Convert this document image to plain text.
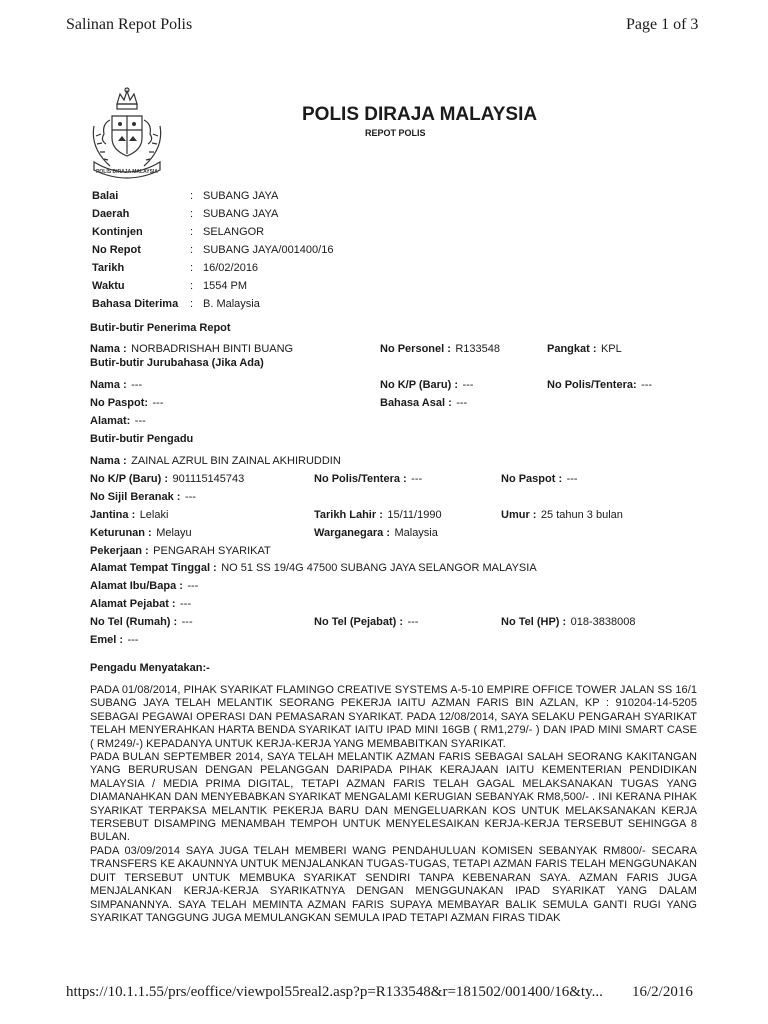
Salinan Repot Polis	Page 1 of 3
POLIS DIRAJA MALAYSIA
POLIS DIRAJA MALAYSIA
REPOT POLIS
Balai	: SUBANG JAYA
Daerah	: SUBANG JAYA
Kontinjen	: SELANGOR
No Repot	: SUBANG JAYA/001400/16
Tarikh	: 16/02/2016
Waktu	: 1554 PM
Bahasa Diterima : B. Malaysia
Butir-butir Penerima Repot
Nama : NORBADRISHAH BINTI BUANG	No Personel : R133548	Pangkat : KPL
Butir-butir Jurubahasa (Jika Ada)
Nama : ---	No K/P (Baru) : ---	No Polis/Tentera: ---
No Paspot: ---	Bahasa Asal : ---
Alamat: ---
Butir-butir Pengadu
Nama : ZAINAL AZRUL BIN ZAINAL AKHIRUDDIN
No K/P (Baru) : 901115145743	No Polis/Tentera : ---	No Paspot : ---
No Sijil Beranak : ---
Jantina : Lelaki	Tarikh Lahir : 15/11/1990	Umur : 25 tahun 3 bulan
Keturunan : Melayu	Warganegara : Malaysia
Pekerjaan : PENGARAH SYARIKAT
Alamat Tempat Tinggal : NO 51 SS 19/4G 47500 SUBANG JAYA SELANGOR MALAYSIA
Alamat Ibu/Bapa : ---
Alamat Pejabat : ---
No Tel (Rumah) : ---	No Tel (Pejabat) : ---	No Tel (HP) : 018-3838008
Emel : ---
Pengadu Menyatakan:-

PADA 01/08/2014, PIHAK SYARIKAT FLAMINGO CREATIVE SYSTEMS A-5-10 EMPIRE OFFICE TOWER JALAN SS 16/1 SUBANG JAYA TELAH MELANTIK SEORANG PEKERJA IAITU AZMAN FARIS BIN AZLAN, KP : 910204-14-5205 SEBAGAI PEGAWAI OPERASI DAN PEMASARAN SYARIKAT. PADA 12/08/2014, SAYA SELAKU PENGARAH SYARIKAT TELAH MENYERAHKAN HARTA BENDA SYARIKAT IAITU IPAD MINI 16GB ( RM1,279/- ) DAN IPAD MINI SMART CASE ( RM249/-) KEPADANYA UNTUK KERJA-KERJA YANG MEMBABITKAN SYARIKAT.

PADA BULAN SEPTEMBER 2014, SAYA TELAH MELANTIK AZMAN FARIS SEBAGAI SALAH SEORANG KAKITANGAN YANG BERURUSAN DENGAN PELANGGAN DARIPADA PIHAK KERAJAAN IAITU KEMENTERIAN PENDIDIKAN MALAYSIA / MEDIA PRIMA DIGITAL, TETAPI AZMAN FARIS TELAH GAGAL MELAKSANAKAN TUGAS YANG DIAMANAHKAN DAN MENYEBABKAN SYARIKAT MENGALAMI KERUGIAN SEBANYAK RM8,500/- . INI KERANA PIHAK SYARIKAT TERPAKSA MELANTIK PEKERJA BARU DAN MENGELUARKAN KOS UNTUK MELAKSANAKAN KERJA TERSEBUT DISAMPING MENAMBAH TEMPOH UNTUK MENYELESAIKAN KERJA-KERJA TERSEBUT SEHINGGA 8 BULAN.

PADA 03/09/2014 SAYA JUGA TELAH MEMBERI WANG PENDAHULUAN KOMISEN SEBANYAK RM800/- SECARA TRANSFERS KE AKAUNNYA UNTUK MENJALANKAN TUGAS-TUGAS, TETAPI AZMAN FARIS TELAH MENGGUNAKAN DUIT TERSEBUT UNTUK MEMBUKA SYARIKAT SENDIRI TANPA KEBENARAN SAYA. AZMAN FARIS JUGA MENJALANKAN KERJA-KERJA SYARIKATNYA DENGAN MENGGUNAKAN IPAD SYARIKAT YANG DALAM SIMPANANNYA. SAYA TELAH MEMINTA AZMAN FARIS SUPAYA MEMBAYAR BALIK SEMULA GANTI RUGI YANG SYARIKAT TANGGUNG JUGA MEMULANGKAN SEMULA IPAD TETAPI AZMAN FIRAS TIDAK

https://10.1.1.55/prs/eoffice/viewpol55real2.asp?p=R133548&r=181502/001400/16&ty... 16/2/2016
